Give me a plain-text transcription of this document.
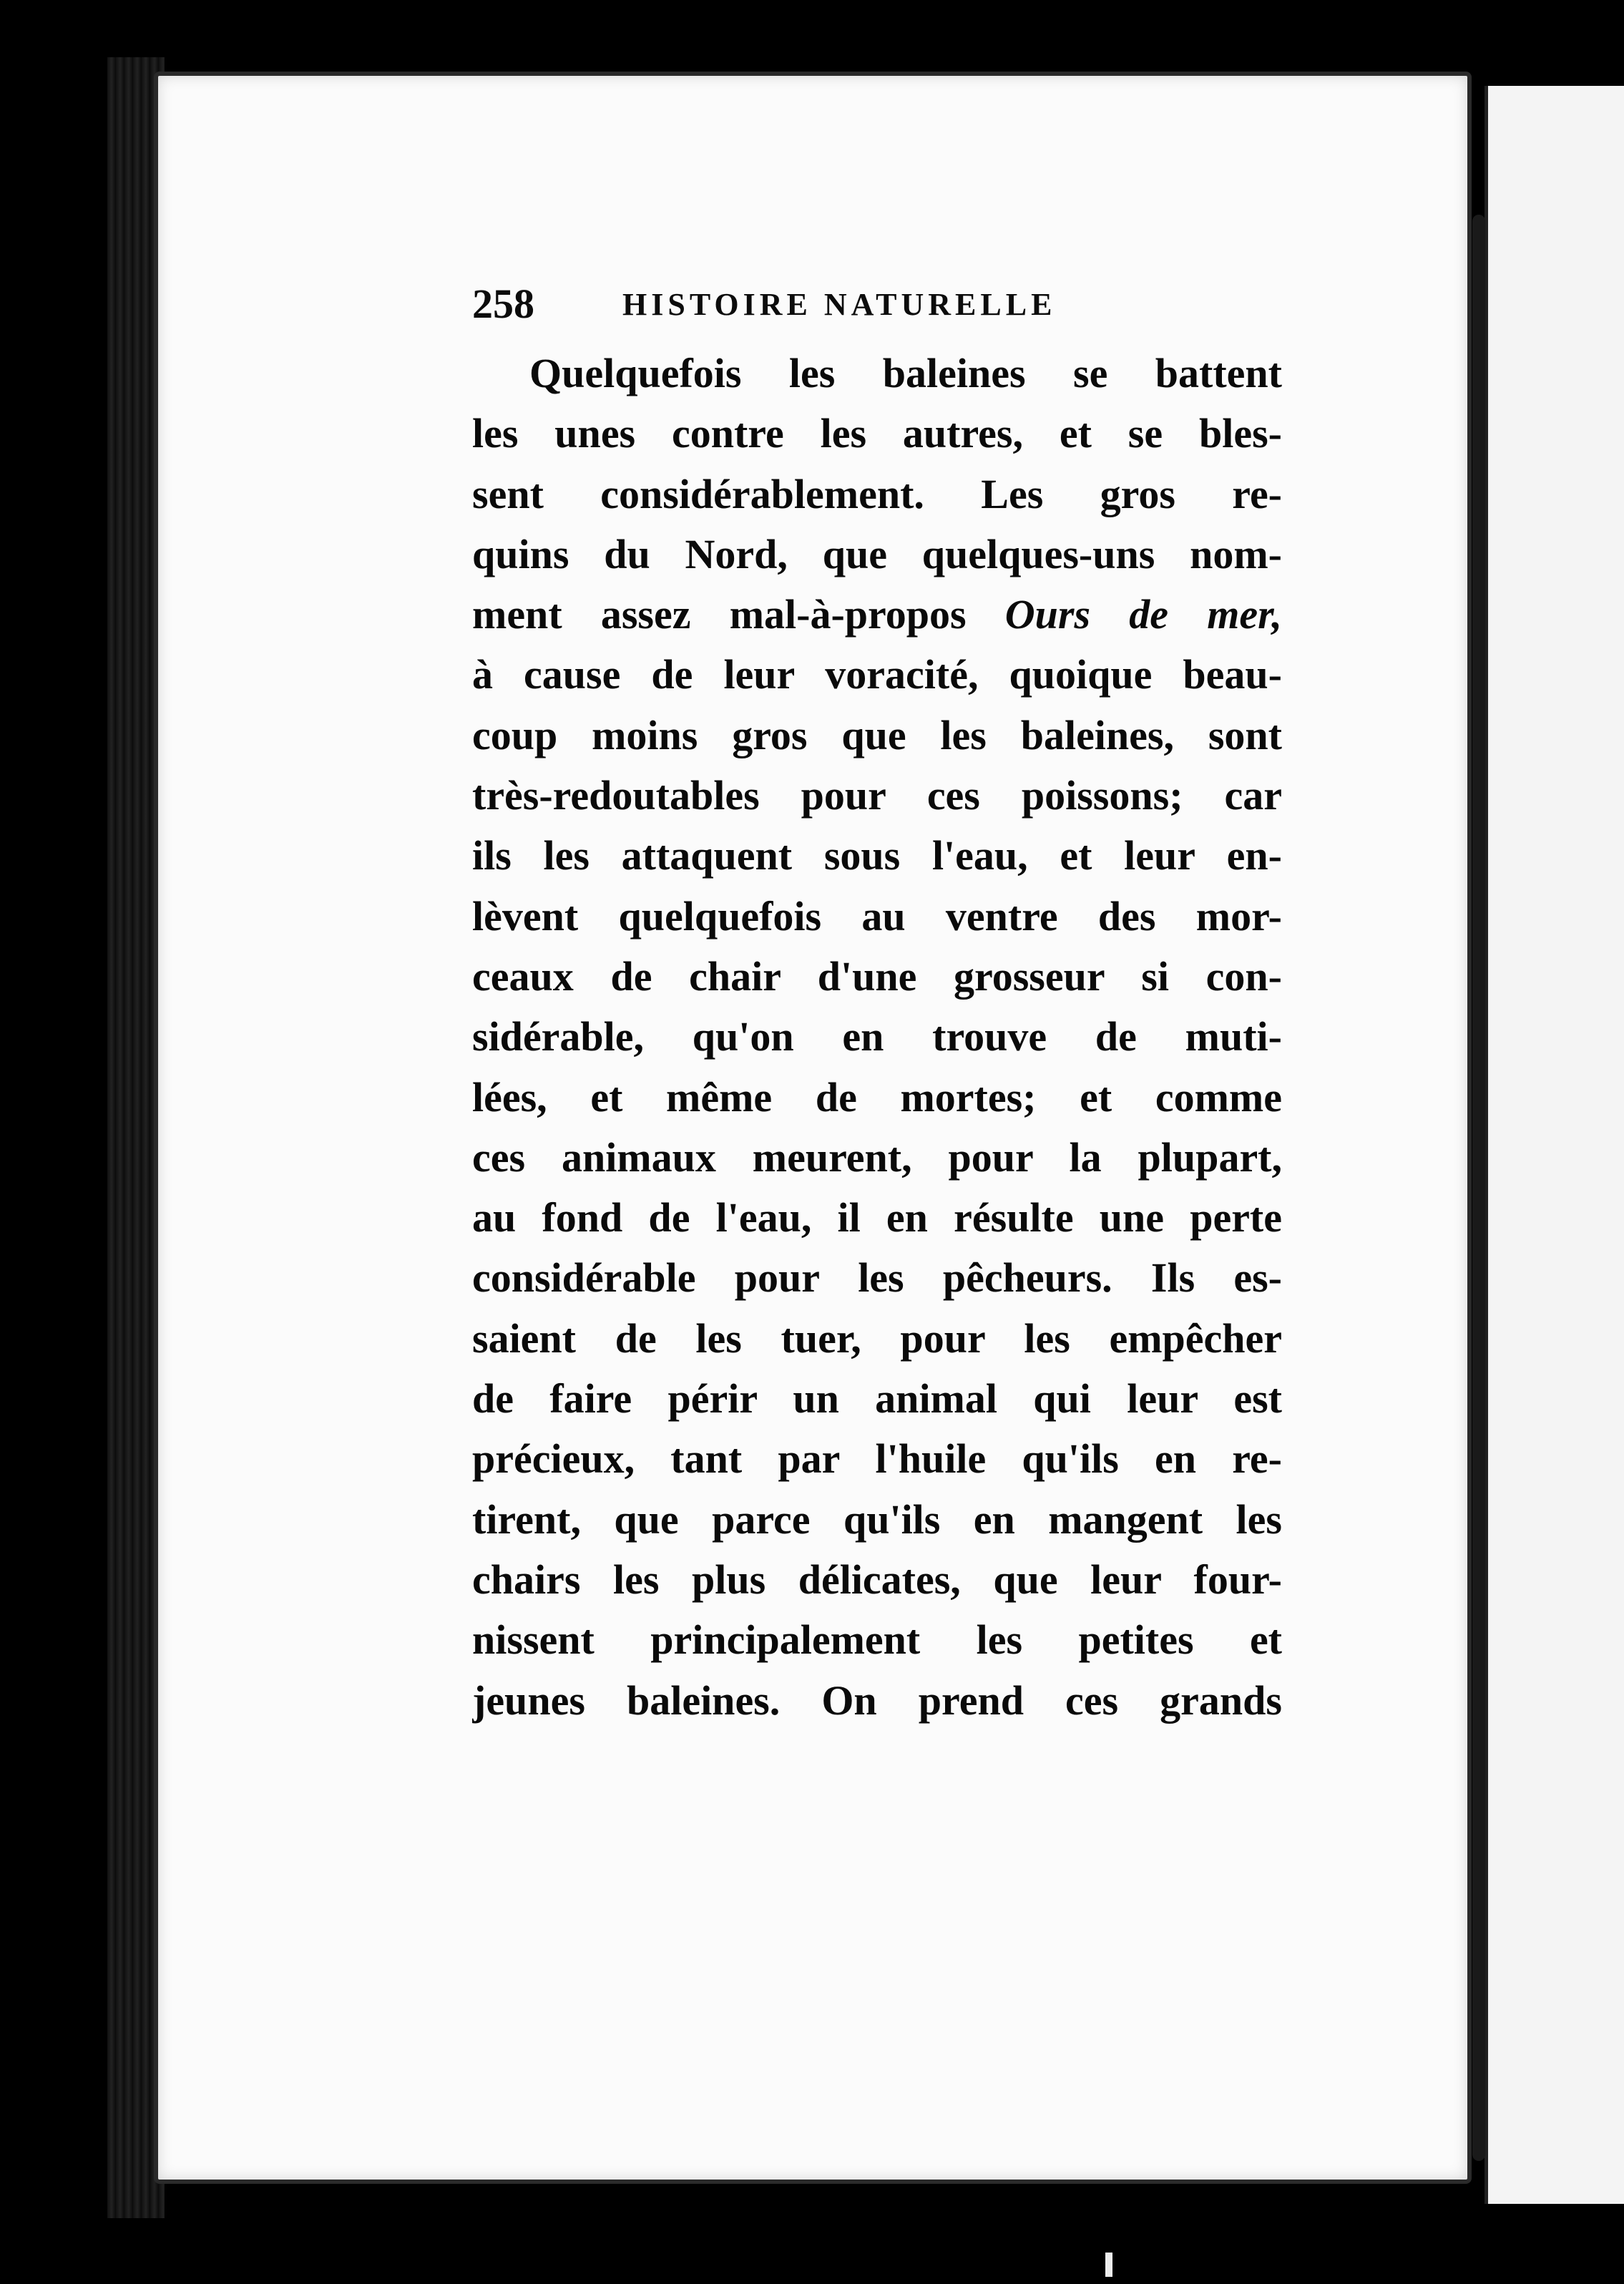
258	HISTOIRE NATURELLE
Quelquefois les baleines se battent
les unes contre les autres, et se bles-
sent considérablement. Les gros re-
quins du Nord, que quelques-uns nom-
ment assez mal-à-propos Ours de mer,
à cause de leur voracité, quoique beau-
coup moins gros que les baleines, sont
très-redoutables pour ces poissons; car
ils les attaquent sous l'eau, et leur en-
lèvent quelquefois au ventre des mor-
ceaux de chair d'une grosseur si con-
sidérable, qu'on en trouve de muti-
lées, et même de mortes; et comme
ces animaux meurent, pour la plupart,
au fond de l'eau, il en résulte une perte
considérable pour les pêcheurs. Ils es-
saient de les tuer, pour les empêcher
de faire périr un animal qui leur est
précieux, tant par l'huile qu'ils en re-
tirent, que parce qu'ils en mangent les
chairs les plus délicates, que leur four-
nissent principalement les petites et
jeunes baleines. On prend ces grands
